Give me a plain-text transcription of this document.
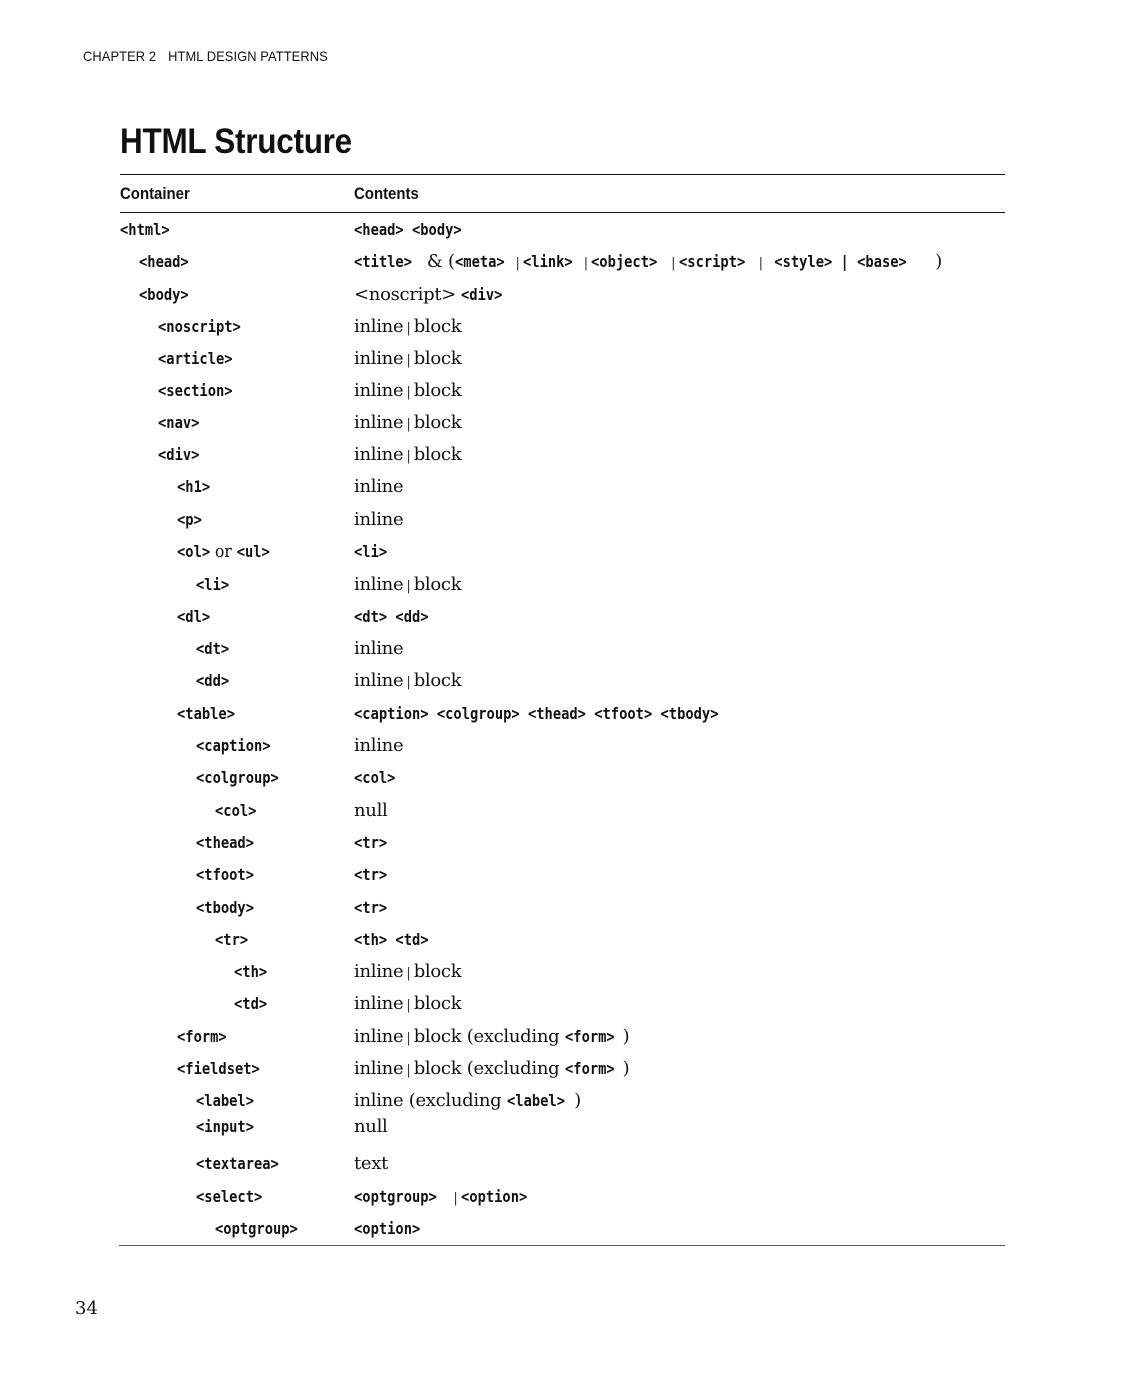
CHAPTER 2 HTML DESIGN PATTERNS
HTML Structure
Container	Contents
<html>	<head> <body>
<head>	<title> & (<meta> | <link> | <object> | <script> | <style> | <base> )
<body>	<noscript> <div>
<noscript>	inline | block
<article>	inline | block
<section>	inline | block
<nav>	inline | block
<div>	inline | block
<h1>	inline
<p>	inline
<ol> or <ul>	<li>
<li>	inline | block
<dl>	<dt> <dd>
<dt>	inline
<dd>	inline | block
<table>	<caption> <colgroup> <thead> <tfoot> <tbody>
<caption>	inline
<colgroup>	<col>
<col>	null
<thead>	<tr>
<tfoot>	<tr>
<tbody>	<tr>
<tr>	<th> <td>
<th>	inline | block
<td>	inline | block
<form>	inline | block (excluding <form> )
<fieldset>	inline | block (excluding <form> )
<label>	inline (excluding <label> )
<input>	null
<textarea>	text
<select>	<optgroup> | <option>
<optgroup>	<option>
34
